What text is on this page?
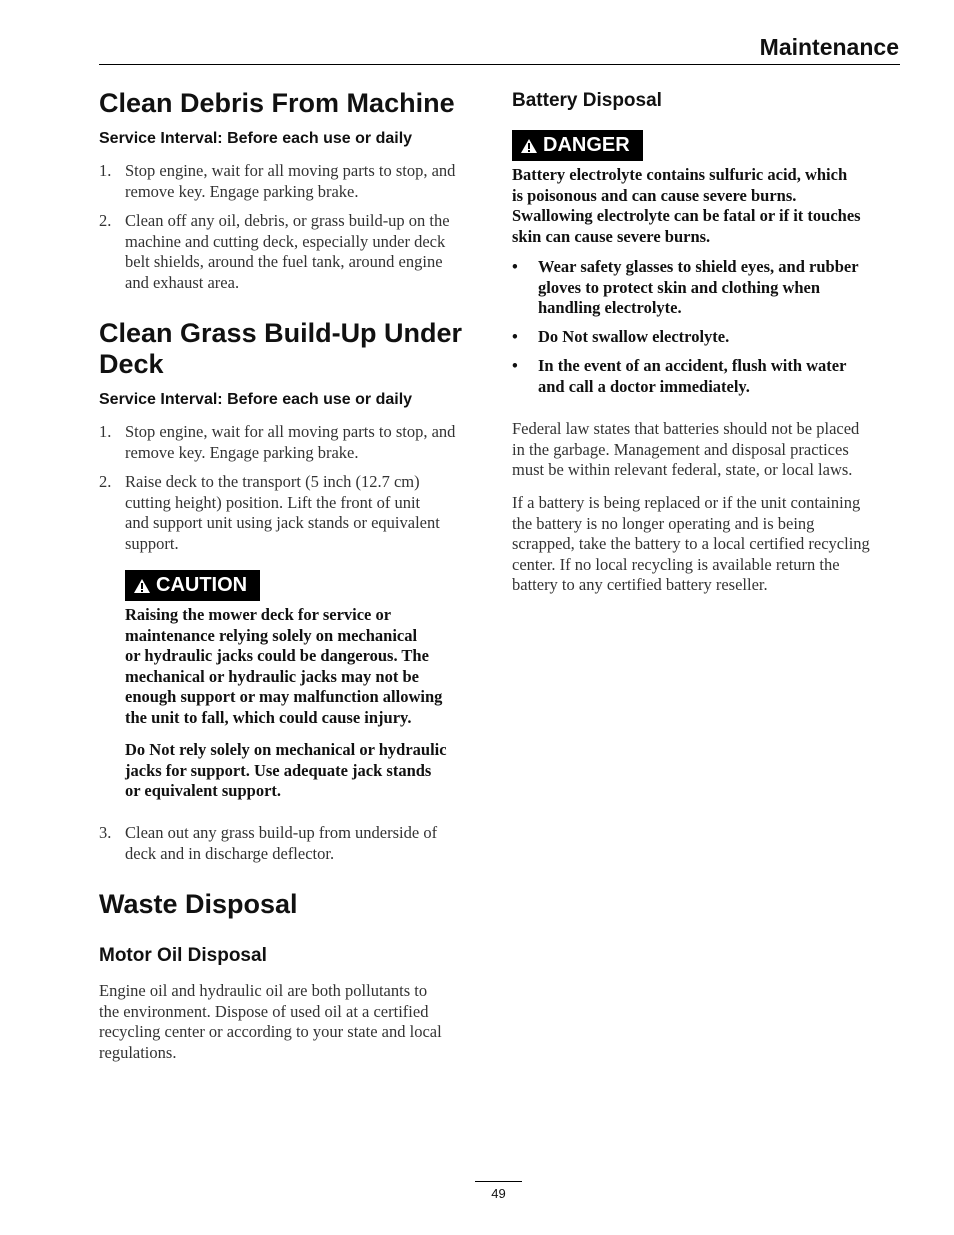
Maintenance
Clean Debris From Machine
Service Interval: Before each use or daily
1. Stop engine, wait for all moving parts to stop, and
remove key. Engage parking brake.
2. Clean off any oil, debris, or grass build-up on the
machine and cutting deck, especially under deck
belt shields, around the fuel tank, around engine
and exhaust area.
Clean Grass Build-Up Under
Deck
Service Interval: Before each use or daily
1. Stop engine, wait for all moving parts to stop, and
remove key. Engage parking brake.
2. Raise deck to the transport (5 inch (12.7 cm)
cutting height) position. Lift the front of unit
and support unit using jack stands or equivalent
support.
CAUTION
Raising the mower deck for service or
maintenance relying solely on mechanical
or hydraulic jacks could be dangerous. The
mechanical or hydraulic jacks may not be
enough support or may malfunction allowing
the unit to fall, which could cause injury.
Do Not rely solely on mechanical or hydraulic
jacks for support. Use adequate jack stands
or equivalent support.
3. Clean out any grass build-up from underside of
deck and in discharge deflector.
Waste Disposal
Motor Oil Disposal
Engine oil and hydraulic oil are both pollutants to
the environment. Dispose of used oil at a certified
recycling center or according to your state and local
regulations.
Battery Disposal
DANGER
Battery electrolyte contains sulfuric acid, which
is poisonous and can cause severe burns.
Swallowing electrolyte can be fatal or if it touches
skin can cause severe burns.
• Wear safety glasses to shield eyes, and rubber
gloves to protect skin and clothing when
handling electrolyte.
• Do Not swallow electrolyte.
• In the event of an accident, flush with water
and call a doctor immediately.
Federal law states that batteries should not be placed
in the garbage. Management and disposal practices
must be within relevant federal, state, or local laws.
If a battery is being replaced or if the unit containing
the battery is no longer operating and is being
scrapped, take the battery to a local certified recycling
center. If no local recycling is available return the
battery to any certified battery reseller.
49
